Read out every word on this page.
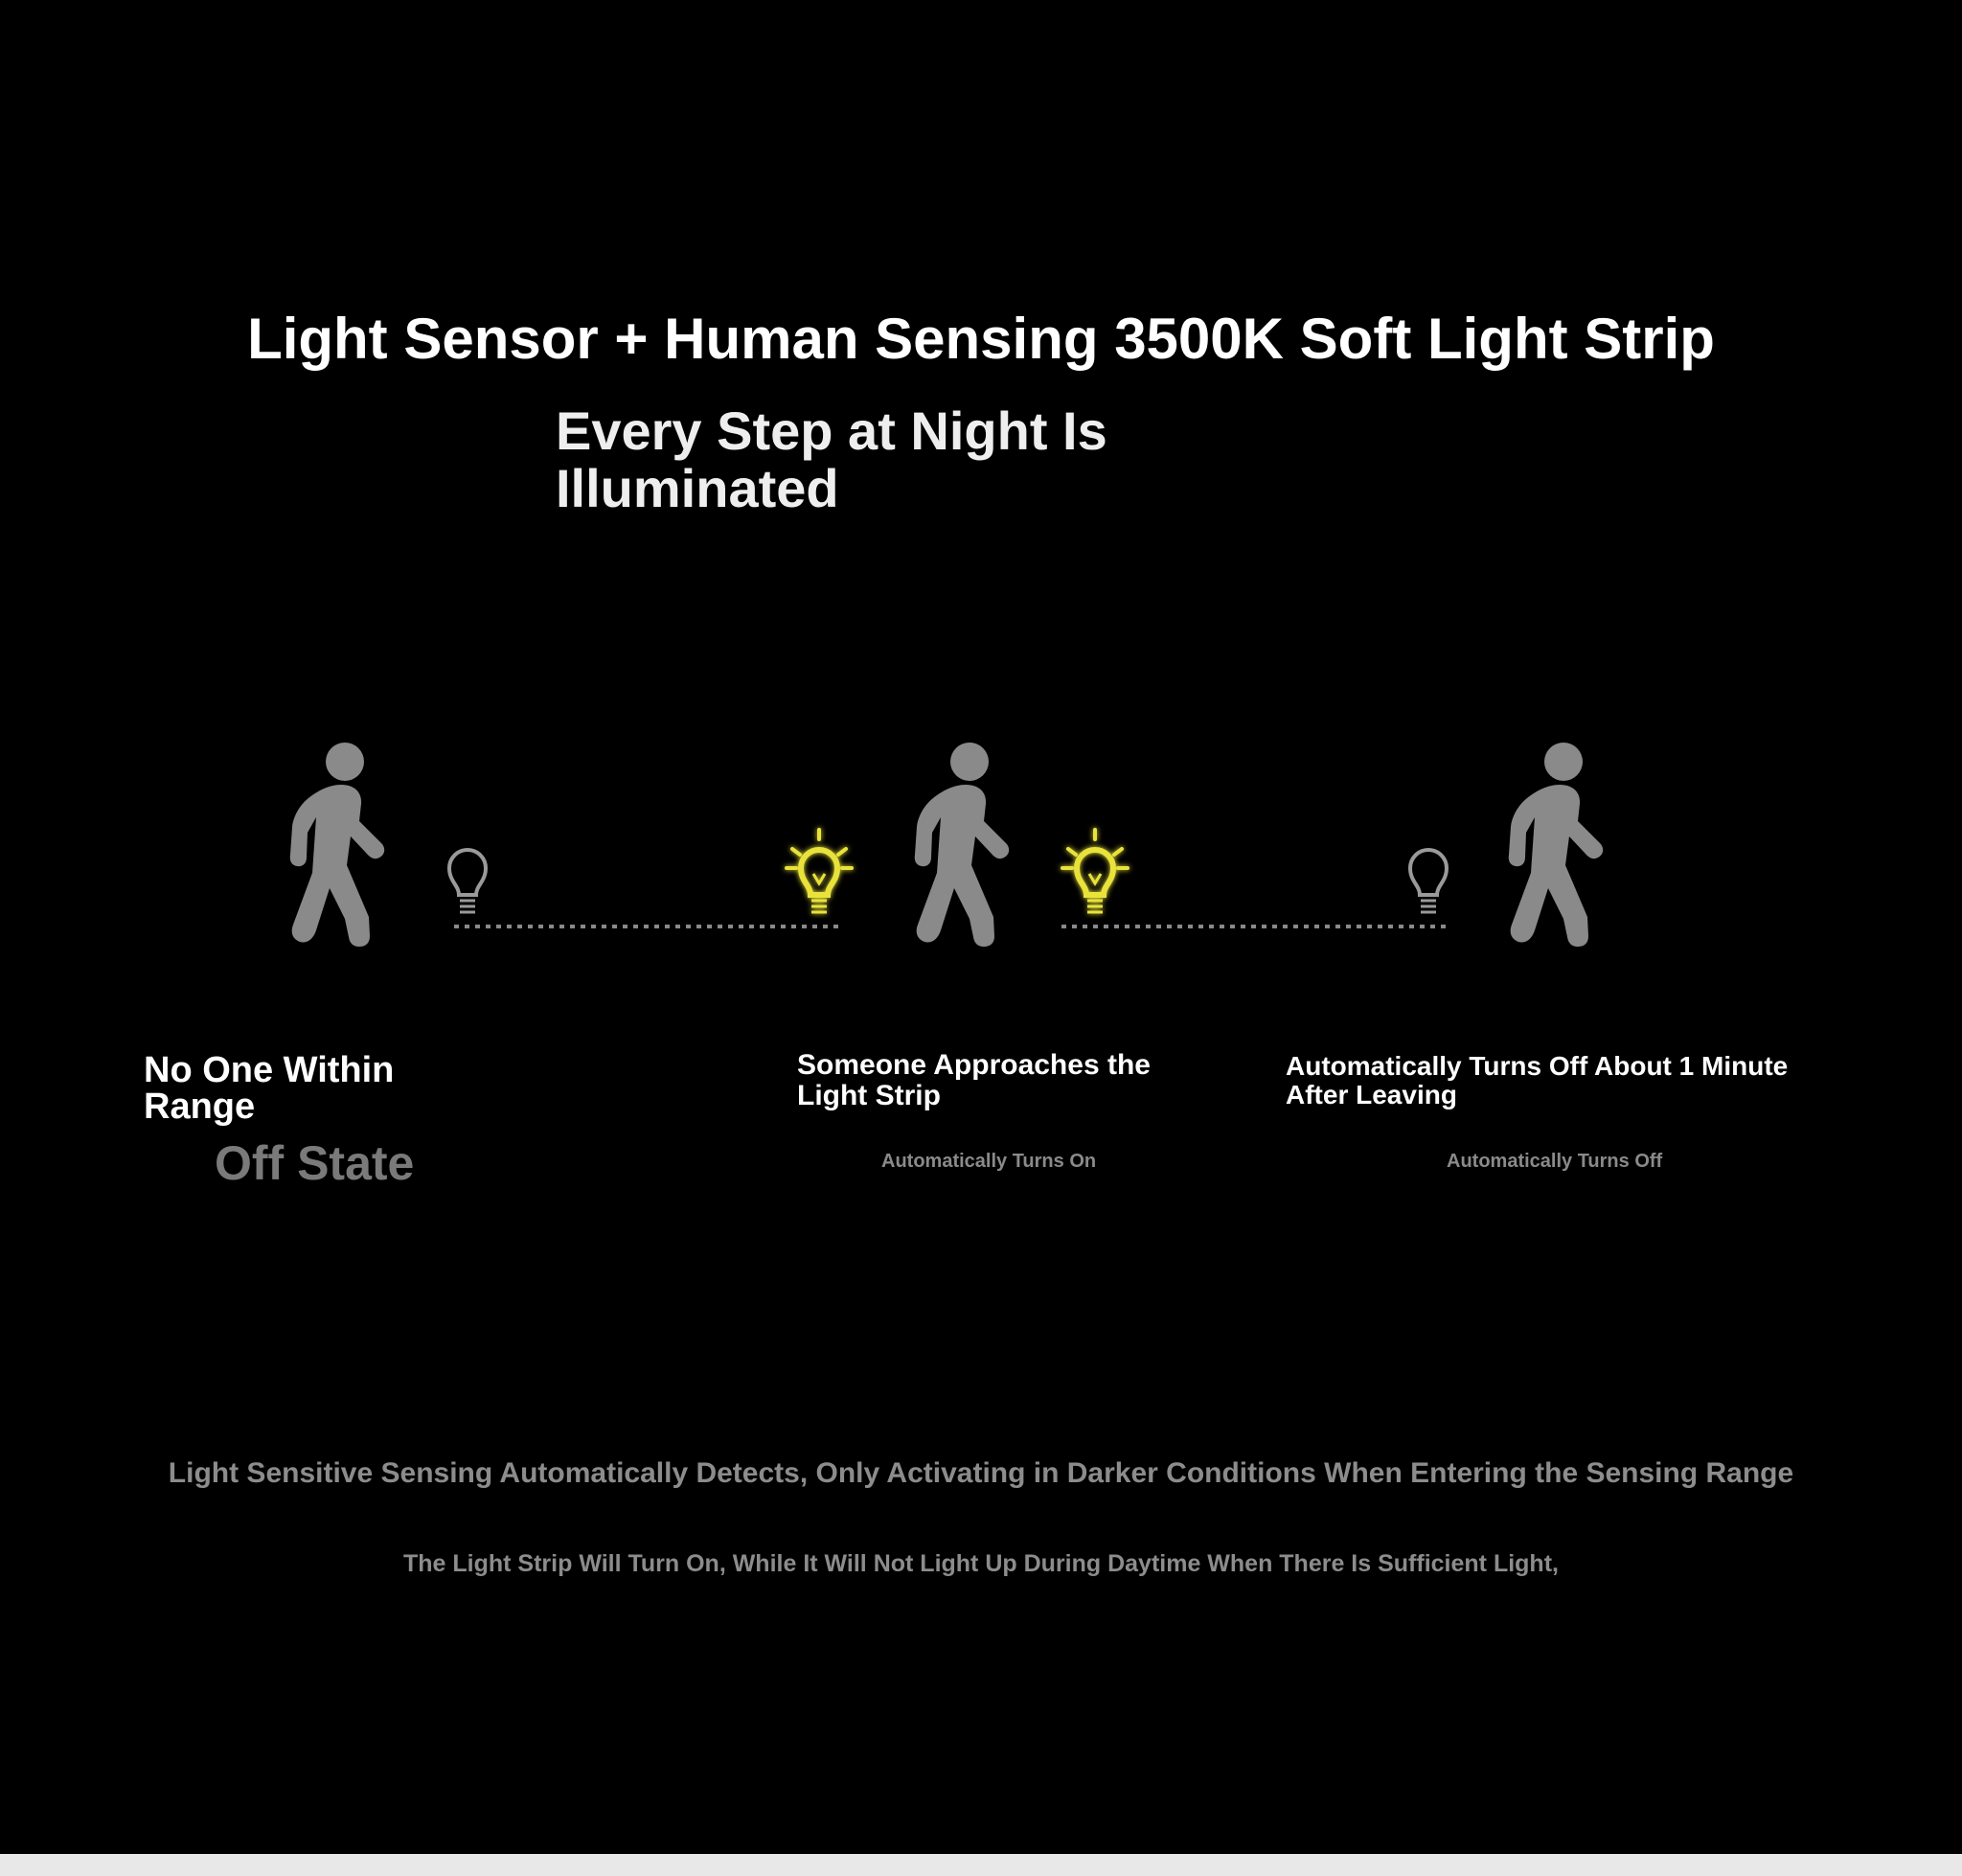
Light Sensor + Human Sensing 3500K Soft Light Strip
Every Step at Night Is Illuminated
No One Within Range
Off State
Someone Approaches the Light Strip
Automatically Turns On
Automatically Turns Off About 1 Minute After Leaving
Automatically Turns Off

Light Sensitive Sensing Automatically Detects, Only Activating in Darker Conditions When Entering the Sensing Range

The Light Strip Will Turn On, While It Will Not Light Up During Daytime When There Is Sufficient Light,
